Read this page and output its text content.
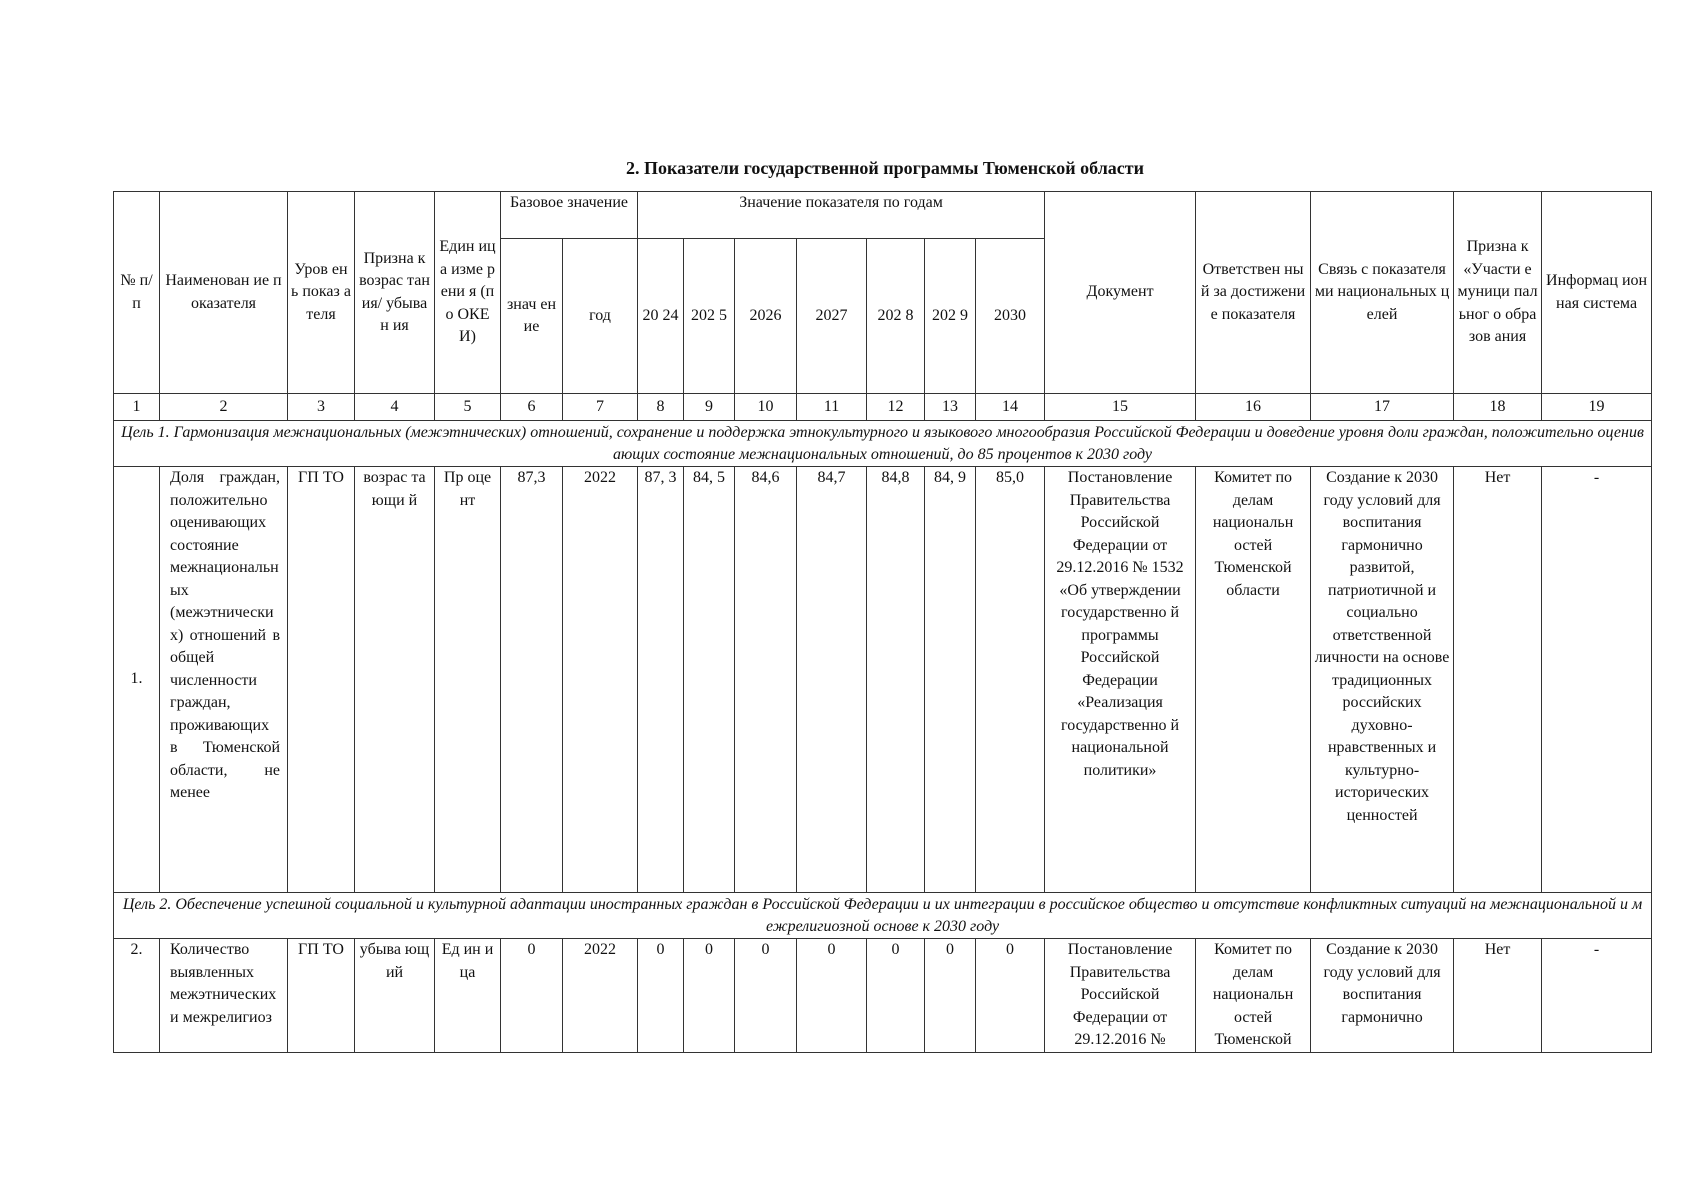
2. Показатели государственной программы Тюменской области
№ п/ п	Наименован ие показателя	Уров ень показ ателя	Призна к возрас тания/ убыван ия	Един ица изме рени я (по ОКЕ И)	Базовое значение		Значение показателя по годам							Документ	Ответствен ный за достижение показателя	Связь с показателями национальных целей	Призна к «Участи е муници пальног о образов ания	Информац ионная система
					знач ение	год	20 24	202 5	2026	2027	202 8	202 9	2030					
1	2	3	4	5	6	7	8	9	10	11	12	13	14	15	16	17	18	19
Цель 1. Гармонизация межнациональных (межэтнических) отношений, сохранение и поддержка этнокультурного и языкового многообразия Российской Федерации и доведение уровня доли граждан, положительно оценивающих состояние межнациональных отношений, до 85 процентов к 2030 году																		
1.	Доля граждан, положительно оценивающих состояние межнациональных (межэтнических) отношений в общей численности граждан, проживающих в Тюменской области, не менее	ГП ТО	возрас тающи й	Пр оце нт	87,3	2022	87, 3	84, 5	84,6	84,7	84,8	84, 9	85,0	Постановление Правительства Российской Федерации от 29.12.2016 № 1532 «Об утверждении государственно й программы Российской Федерации «Реализация государственно й национальной политики»	Комитет по делам национальн остей Тюменской области	Создание к 2030 году условий для воспитания гармонично развитой, патриотичной и социально ответственной личности на основе традиционных российских духовно-нравственных и культурно-исторических ценностей	Нет	-
Цель 2. Обеспечение успешной социальной и культурной адаптации иностранных граждан в Российской Федерации и их интеграции в российское общество и отсутствие конфликтных ситуаций на межнациональной и межрелигиозной основе к 2030 году																		
2.	Количество выявленных межэтнических и межрелигиоз	ГП ТО	убыва ющий	Ед ин ица	0	2022	0	0	0	0	0	0	0	Постановление Правительства Российской Федерации от 29.12.2016 №	Комитет по делам национальн остей Тюменской	Создание к 2030 году условий для воспитания гармонично	Нет	-
